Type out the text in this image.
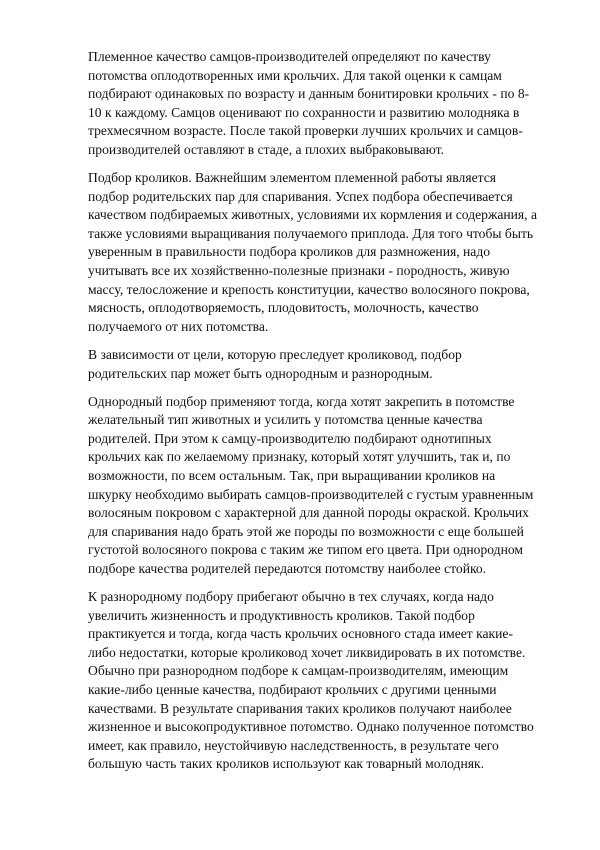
Племенное качество самцов-производителей определяют по качеству
потомства оплодотворенных ими крольчих. Для такой оценки к самцам
подбирают одинаковых по возрасту и данным бонитировки крольчих - по 8-
10 к каждому. Самцов оценивают по сохранности и развитию молодняка в
трехмесячном возрасте. После такой проверки лучших крольчих и самцов-
производителей оставляют в стаде, а плохих выбраковывают.

Подбор кроликов. Важнейшим элементом племенной работы является
подбор родительских пар для спаривания. Успех подбора обеспечивается
качеством подбираемых животных, условиями их кормления и содержания, а
также условиями выращивания получаемого приплода. Для того чтобы быть
уверенным в правильности подбора кроликов для размножения, надо
учитывать все их хозяйственно-полезные признаки - породность, живую
массу, телосложение и крепость конституции, качество волосяного покрова,
мясность, оплодотворяемость, плодовитость, молочность, качество
получаемого от них потомства.

В зависимости от цели, которую преследует кроликовод, подбор
родительских пар может быть однородным и разнородным.

Однородный подбор применяют тогда, когда хотят закрепить в потомстве
желательный тип животных и усилить у потомства ценные качества
родителей. При этом к самцу-производителю подбирают однотипных
крольчих как по желаемому признаку, который хотят улучшить, так и, по
возможности, по всем остальным. Так, при выращивании кроликов на
шкурку необходимо выбирать самцов-производителей с густым уравненным
волосяным покровом с характерной для данной породы окраской. Крольчих
для спаривания надо брать этой же породы по возможности с еще большей
густотой волосяного покрова с таким же типом его цвета. При однородном
подборе качества родителей передаются потомству наиболее стойко.

К разнородному подбору прибегают обычно в тех случаях, когда надо
увеличить жизненность и продуктивность кроликов. Такой подбор
практикуется и тогда, когда часть крольчих основного стада имеет какие-
либо недостатки, которые кроликовод хочет ликвидировать в их потомстве.
Обычно при разнородном подборе к самцам-производителям, имеющим
какие-либо ценные качества, подбирают крольчих с другими ценными
качествами. В результате спаривания таких кроликов получают наиболее
жизненное и высокопродуктивное потомство. Однако полученное потомство
имеет, как правило, неустойчивую наследственность, в результате чего
большую часть таких кроликов используют как товарный молодняк.
